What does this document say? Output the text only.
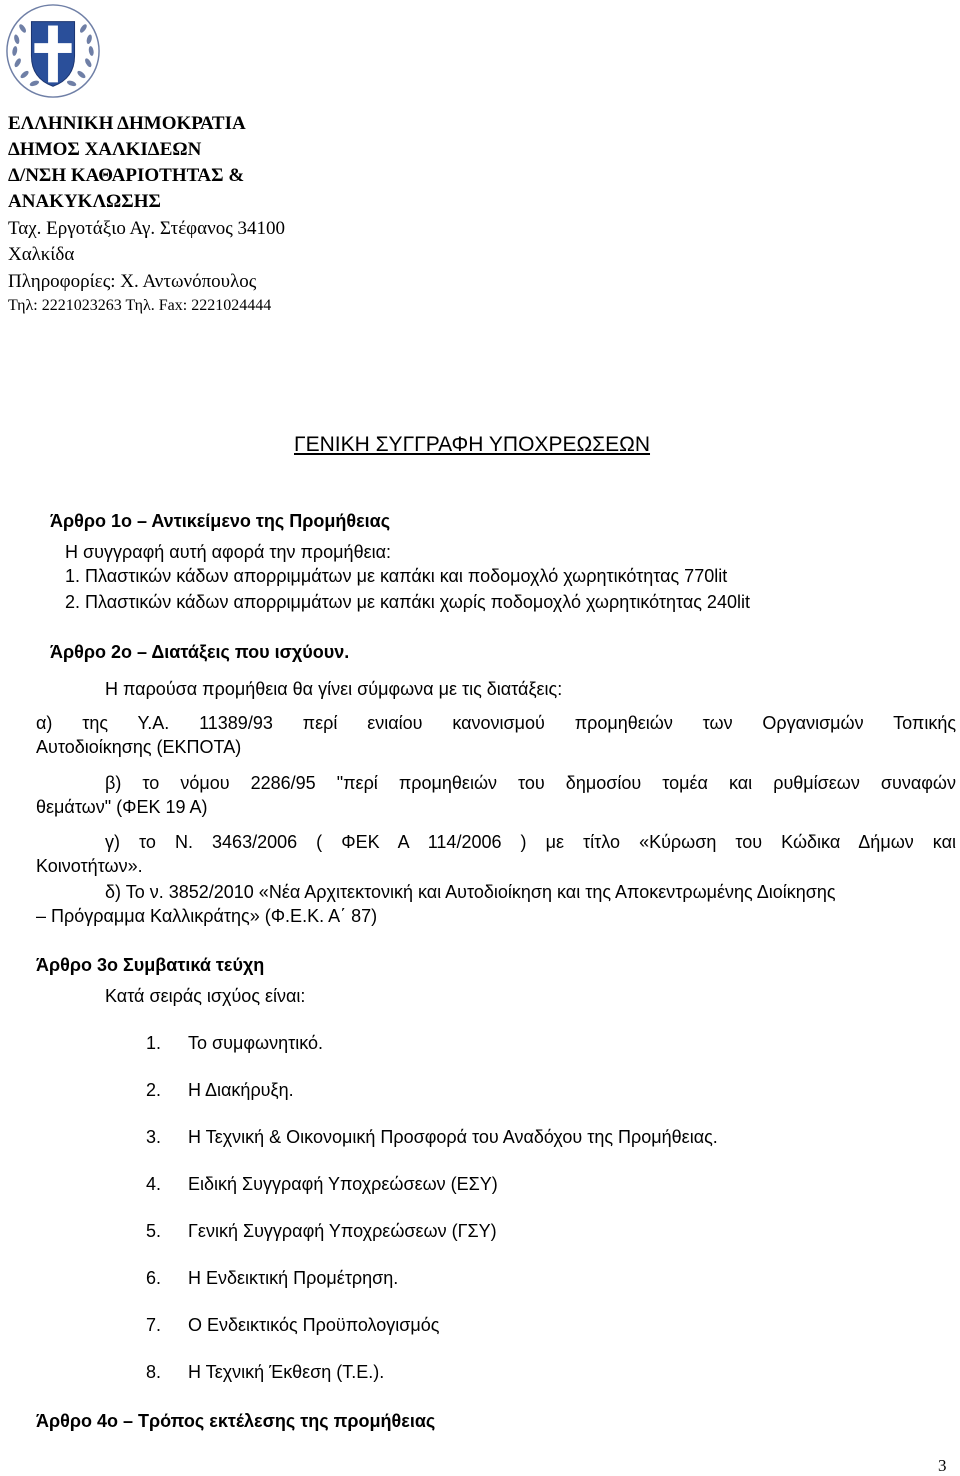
ΕΛΛΗΝΙΚΗ ΔΗΜΟΚΡΑΤΙΑ
ΔΗΜΟΣ ΧΑΛΚΙΔΕΩΝ
Δ/ΝΣΗ ΚΑΘΑΡΙΟΤΗΤΑΣ &
ΑΝΑΚΥΚΛΩΣΗΣ
Ταχ. Εργοτάξιο Αγ. Στέφανος 34100
Χαλκίδα
Πληροφορίες: Χ. Αντωνόπουλος
Τηλ: 2221023263 Τηλ. Fax: 2221024444
ΓΕΝΙΚΗ ΣΥΓΓΡΑΦΗ ΥΠΟΧΡΕΩΣΕΩΝ
Άρθρο 1ο – Αντικείμενο της Προμήθειας
Η συγγραφή αυτή αφορά την προμήθεια:
1. Πλαστικών κάδων απορριμμάτων με καπάκι και ποδομοχλό χωρητικότητας 770lit
2. Πλαστικών κάδων απορριμμάτων με καπάκι χωρίς ποδομοχλό χωρητικότητας 240lit
Άρθρο 2ο – Διατάξεις που ισχύουν.
Η παρούσα προμήθεια θα γίνει σύμφωνα με τις διατάξεις:
α) της Υ.Α. 11389/93 περί ενιαίου κανονισμού προμηθειών των Οργανισμών Τοπικής
Αυτοδιοίκησης (ΕΚΠΟΤΑ)
β) το νόμου 2286/95 "περί προμηθειών του δημοσίου τομέα και ρυθμίσεων συναφών
θεμάτων" (ΦΕΚ 19 Α)
γ) το Ν. 3463/2006 ( ΦΕΚ Α 114/2006 ) με τίτλο «Κύρωση του Κώδικα Δήμων και
Κοινοτήτων».
δ) Το ν. 3852/2010 «Νέα Αρχιτεκτονική και Αυτοδιοίκηση και της Αποκεντρωμένης Διοίκησης
– Πρόγραμμα Καλλικράτης» (Φ.Ε.Κ. Α΄ 87)
Άρθρο 3ο Συμβατικά τεύχη
Κατά σειράς ισχύος είναι:
1. Το συμφωνητικό.
2. Η Διακήρυξη.
3. Η Τεχνική & Οικονομική Προσφορά του Αναδόχου της Προμήθειας.
4. Ειδική Συγγραφή Υποχρεώσεων (ΕΣΥ)
5. Γενική Συγγραφή Υποχρεώσεων (ΓΣΥ)
6. Η Ενδεικτική Προμέτρηση.
7. Ο Ενδεικτικός Προϋπολογισμός
8. Η Τεχνική Έκθεση (Τ.Ε.).
Άρθρο 4ο – Τρόπος εκτέλεσης της προμήθειας
3
